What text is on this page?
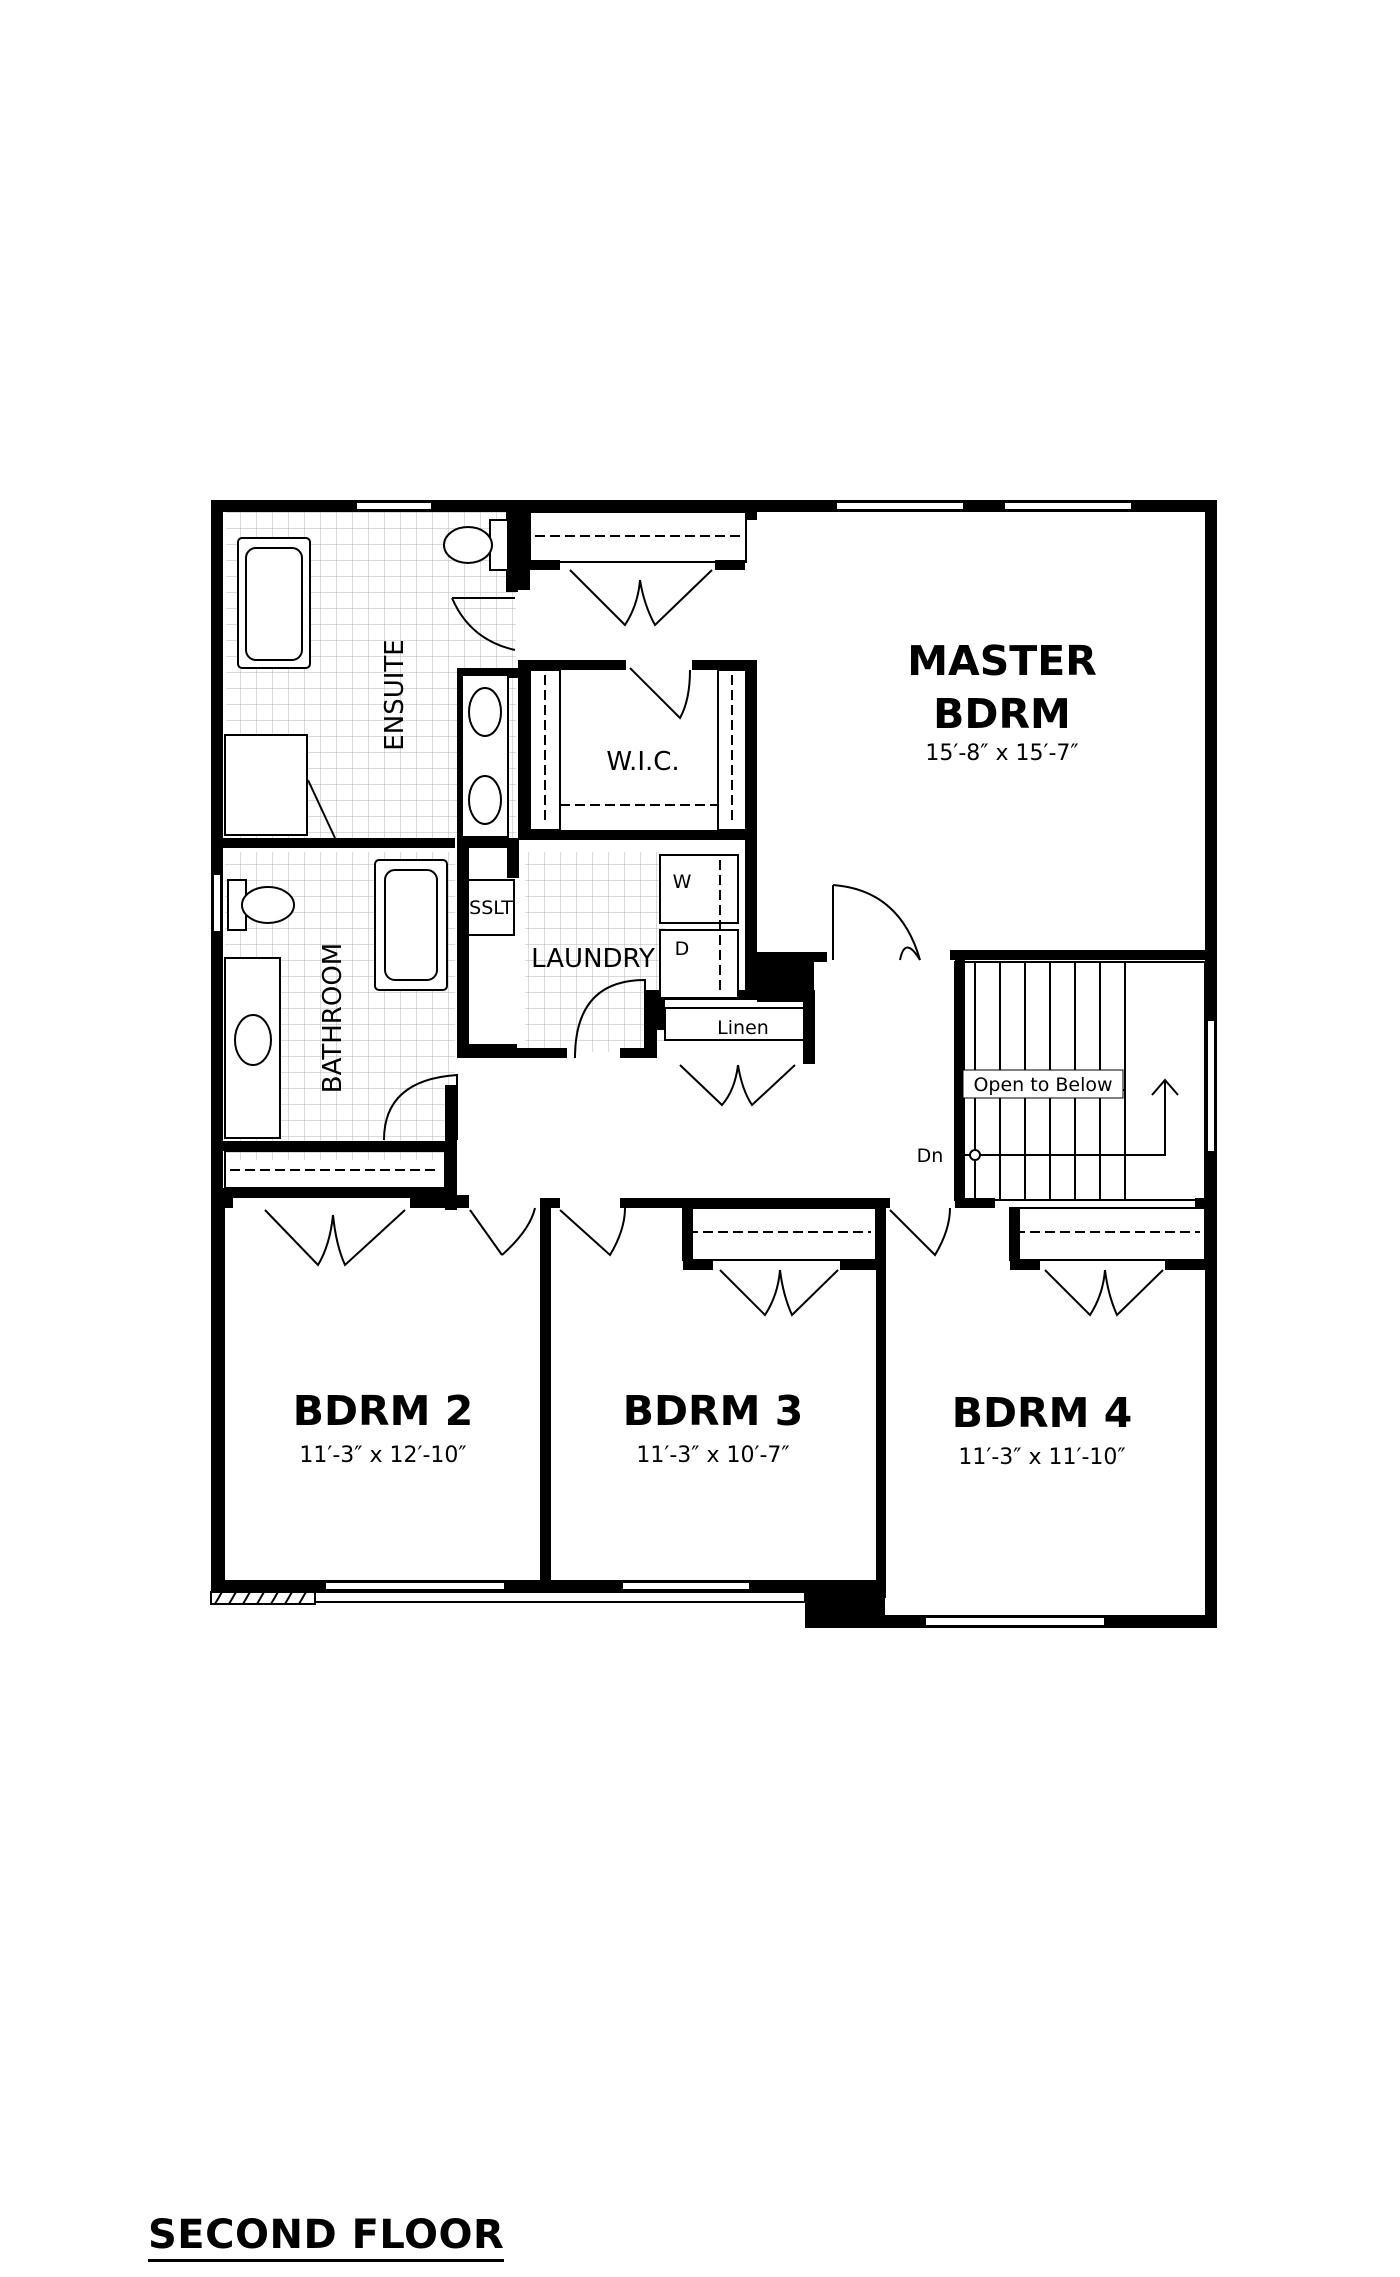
MASTER
BDRM
15′-8″ x 15′-7″
W.I.C.
ENSUITE
LAUNDRY
W
D
SSLT
Linen
BATHROOM
BDRM 2
11′-3″ x 12′-10″
BDRM 3
11′-3″ x 10′-7″
BDRM 4
11′-3″ x 11′-10″
Open to Below
Dn
SECOND FLOOR
